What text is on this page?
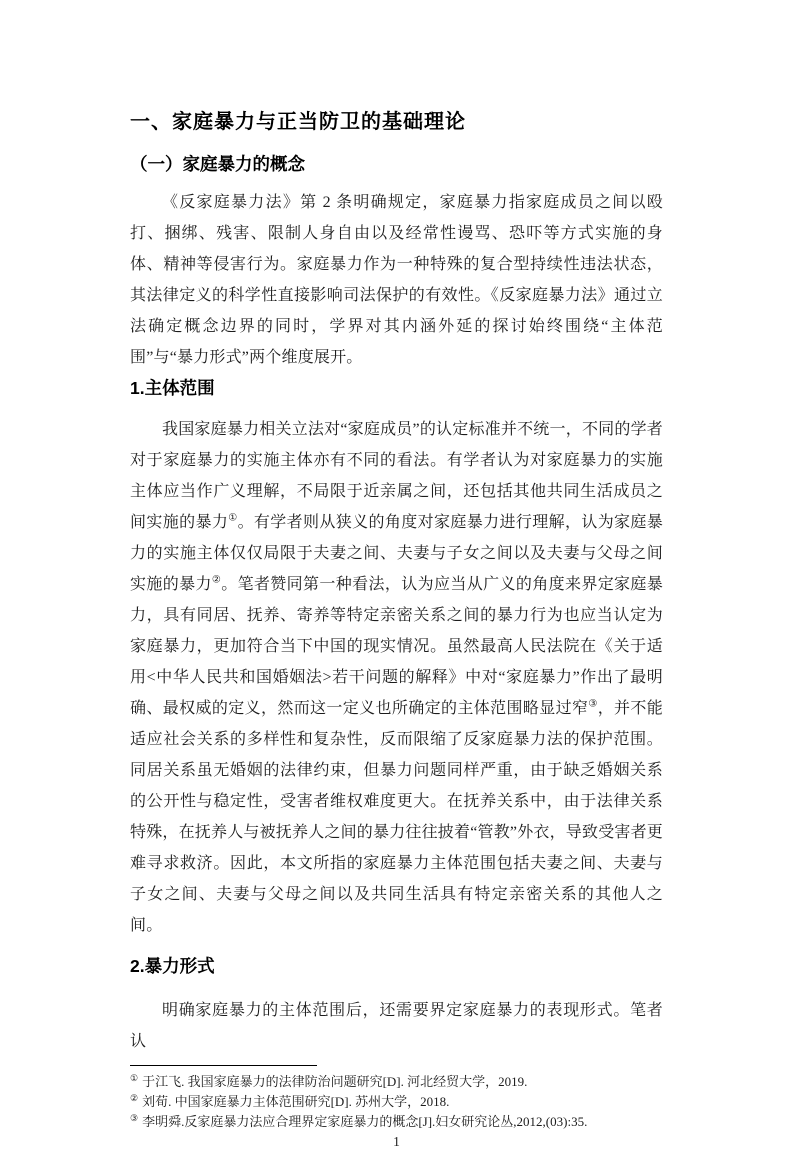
一、家庭暴力与正当防卫的基础理论
（一）家庭暴力的概念

《反家庭暴力法》第 2 条明确规定，家庭暴力指家庭成员之间以殴打、捆绑、残害、限制人身自由以及经常性谩骂、恐吓等方式实施的身体、精神等侵害行为。家庭暴力作为一种特殊的复合型持续性违法状态，其法律定义的科学性直接影响司法保护的有效性。《反家庭暴力法》通过立法确定概念边界的同时，学界对其内涵外延的探讨始终围绕“主体范围”与“暴力形式”两个维度展开。

1.主体范围

我国家庭暴力相关立法对“家庭成员”的认定标准并不统一，不同的学者对于家庭暴力的实施主体亦有不同的看法。有学者认为对家庭暴力的实施主体应当作广义理解，不局限于近亲属之间，还包括其他共同生活成员之间实施的暴力①。有学者则从狭义的角度对家庭暴力进行理解，认为家庭暴力的实施主体仅仅局限于夫妻之间、夫妻与子女之间以及夫妻与父母之间实施的暴力②。笔者赞同第一种看法，认为应当从广义的角度来界定家庭暴力，具有同居、抚养、寄养等特定亲密关系之间的暴力行为也应当认定为家庭暴力，更加符合当下中国的现实情况。虽然最高人民法院在《关于适用<中华人民共和国婚姻法>若干问题的解释》中对“家庭暴力”作出了最明确、最权威的定义，然而这一定义也所确定的主体范围略显过窄③，并不能适应社会关系的多样性和复杂性，反而限缩了反家庭暴力法的保护范围。同居关系虽无婚姻的法律约束，但暴力问题同样严重，由于缺乏婚姻关系的公开性与稳定性，受害者维权难度更大。在抚养关系中，由于法律关系特殊，在抚养人与被抚养人之间的暴力往往披着“管教”外衣，导致受害者更难寻求救济。因此，本文所指的家庭暴力主体范围包括夫妻之间、夫妻与子女之间、夫妻与父母之间以及共同生活具有特定亲密关系的其他人之间。

2.暴力形式

明确家庭暴力的主体范围后，还需要界定家庭暴力的表现形式。笔者认

① 于江飞. 我国家庭暴力的法律防治问题研究[D]. 河北经贸大学，2019.
② 刘荀. 中国家庭暴力主体范围研究[D]. 苏州大学，2018.
③ 李明舜.反家庭暴力法应合理界定家庭暴力的概念[J].妇女研究论丛,2012,(03):35.
1
